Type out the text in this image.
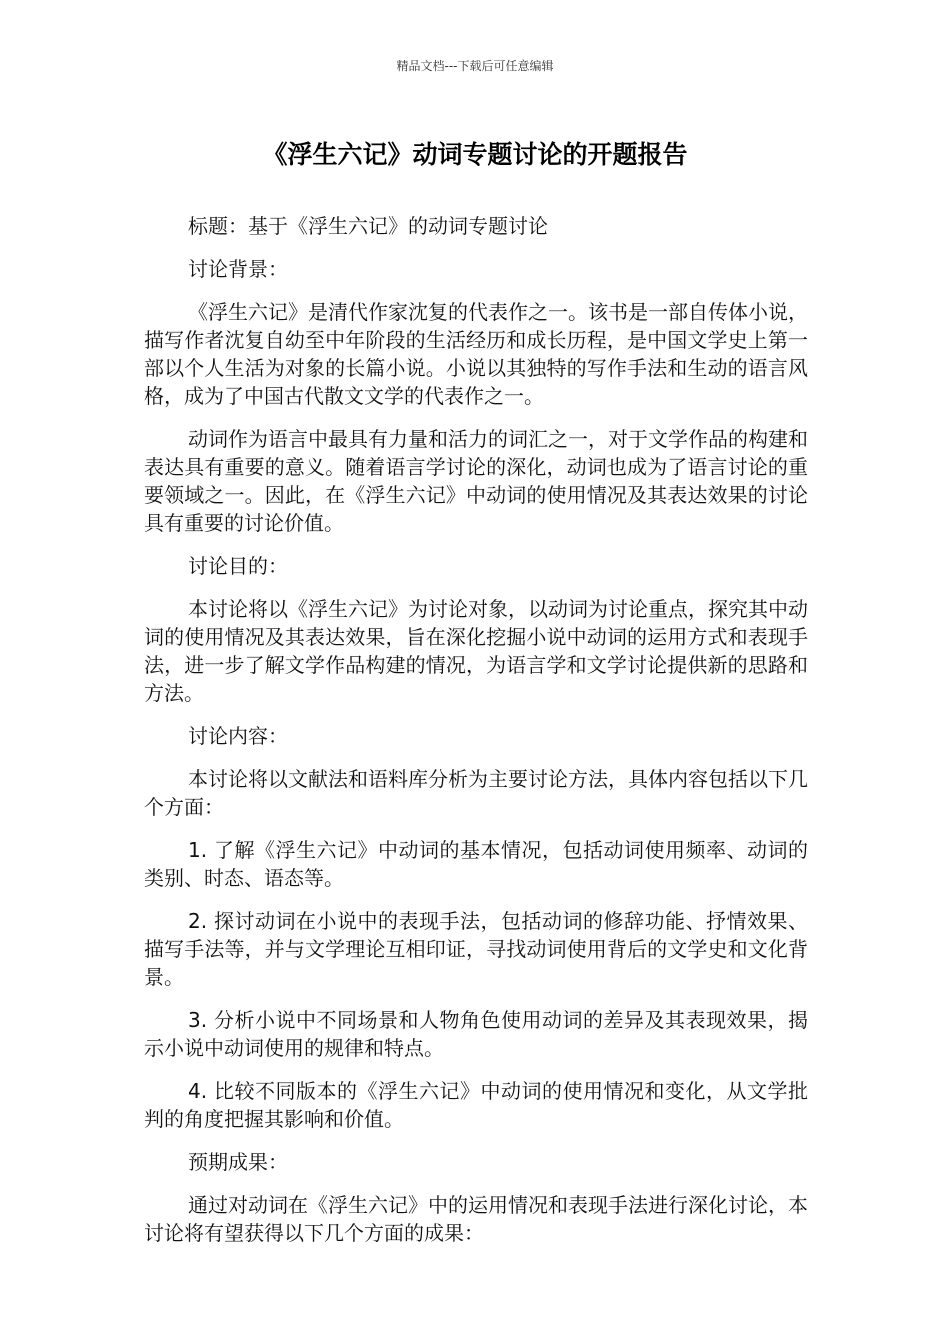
精品文档---下载后可任意编辑
《浮生六记》动词专题讨论的开题报告

标题：基于《浮生六记》的动词专题讨论

讨论背景：

《浮生六记》是清代作家沈复的代表作之一。该书是一部自传体小说，描写作者沈复自幼至中年阶段的生活经历和成长历程，是中国文学史上第一部以个人生活为对象的长篇小说。小说以其独特的写作手法和生动的语言风格，成为了中国古代散文文学的代表作之一。

动词作为语言中最具有力量和活力的词汇之一，对于文学作品的构建和表达具有重要的意义。随着语言学讨论的深化，动词也成为了语言讨论的重要领域之一。因此，在《浮生六记》中动词的使用情况及其表达效果的讨论具有重要的讨论价值。

讨论目的：

本讨论将以《浮生六记》为讨论对象，以动词为讨论重点，探究其中动词的使用情况及其表达效果，旨在深化挖掘小说中动词的运用方式和表现手法，进一步了解文学作品构建的情况，为语言学和文学讨论提供新的思路和方法。

讨论内容：

本讨论将以文献法和语料库分析为主要讨论方法，具体内容包括以下几个方面：

1. 了解《浮生六记》中动词的基本情况，包括动词使用频率、动词的类别、时态、语态等。

2. 探讨动词在小说中的表现手法，包括动词的修辞功能、抒情效果、描写手法等，并与文学理论互相印证，寻找动词使用背后的文学史和文化背景。

3. 分析小说中不同场景和人物角色使用动词的差异及其表现效果，揭示小说中动词使用的规律和特点。

4. 比较不同版本的《浮生六记》中动词的使用情况和变化，从文学批判的角度把握其影响和价值。

预期成果：

通过对动词在《浮生六记》中的运用情况和表现手法进行深化讨论，本讨论将有望获得以下几个方面的成果：
